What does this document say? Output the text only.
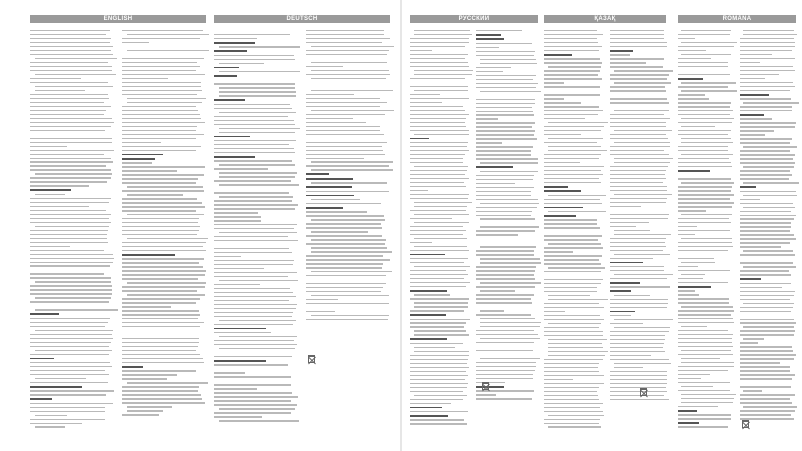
ENGLISH	DEUTSCH	РУССКИЙ	ҚАЗАҚ	ROMÂNĂ
